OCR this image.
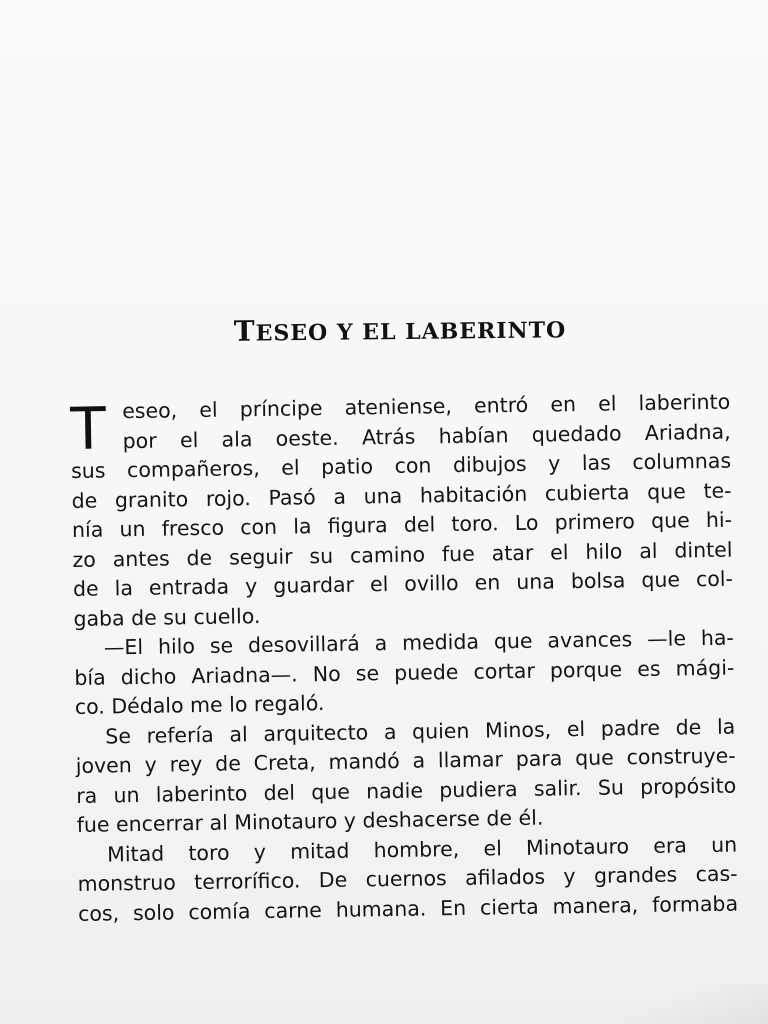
TESEO Y EL LABERINTO
T eseo, el príncipe ateniense, entró en el laberinto
por el ala oeste. Atrás habían quedado Ariadna,
sus compañeros, el patio con dibujos y las columnas
de granito rojo. Pasó a una habitación cubierta que te-
nía un fresco con la figura del toro. Lo primero que hi-
zo antes de seguir su camino fue atar el hilo al dintel
de la entrada y guardar el ovillo en una bolsa que col-
gaba de su cuello.
—El hilo se desovillará a medida que avances —le ha-
bía dicho Ariadna—. No se puede cortar porque es mági-
co. Dédalo me lo regaló.
Se refería al arquitecto a quien Minos, el padre de la
joven y rey de Creta, mandó a llamar para que construye-
ra un laberinto del que nadie pudiera salir. Su propósito
fue encerrar al Minotauro y deshacerse de él.
Mitad toro y mitad hombre, el Minotauro era un
monstruo terrorífico. De cuernos afilados y grandes cas-
cos, solo comía carne humana. En cierta manera, formaba
